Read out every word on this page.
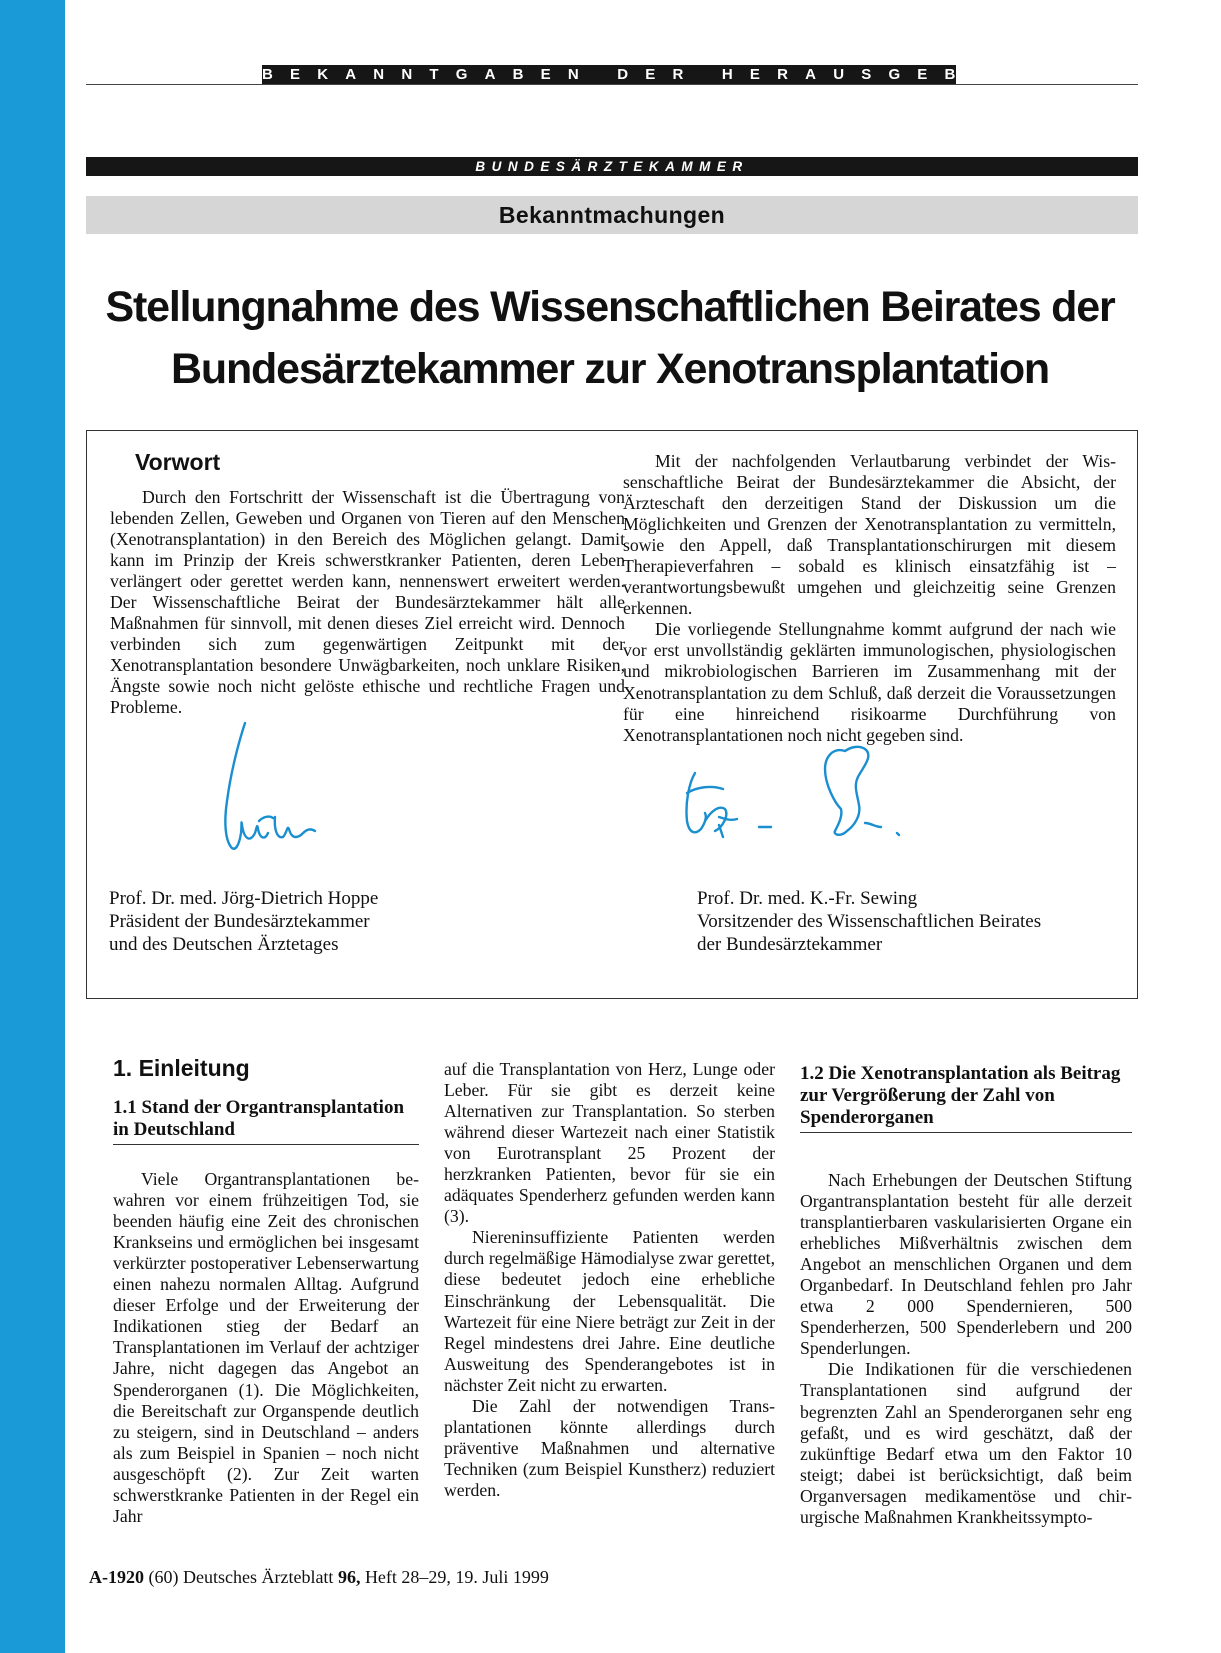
BEKANNTGABEN DER HERAUSGEBER
BUNDESÄRZTEKAMMER
Bekanntmachungen
Stellungnahme des Wissenschaftlichen Beirates der
Bundesärztekammer zur Xenotransplantation
Vorwort

Durch den Fortschritt der Wissenschaft ist die Übertragung von lebenden Zellen, Geweben und Organen von Tieren auf den Menschen (Xenotransplantation) in den Bereich des Möglichen gelangt. Damit kann im Prinzip der Kreis schwerstkranker Patienten, deren Leben verlängert oder gerettet werden kann, nennenswert erweitert werden. Der Wissenschaftliche Beirat der Bundesärztekammer hält alle Maßnahmen für sinnvoll, mit denen dieses Ziel erreicht wird. Dennoch verbinden sich zum gegenwärtigen Zeitpunkt mit der Xenotransplantation besondere Unwägbarkeiten, noch unklare Risiken, Ängste sowie noch nicht gelöste ethische und rechtliche Fragen und Probleme.

Mit der nachfolgenden Verlautbarung verbindet der Wissenschaftliche Beirat der Bundesärztekammer die Absicht, der Ärzteschaft den derzeitigen Stand der Diskussion um die Möglichkeiten und Grenzen der Xenotransplantation zu vermitteln, sowie den Appell, daß Transplantationschirurgen mit diesem Therapieverfahren – sobald es klinisch einsatzfähig ist – verantwortungsbewußt umgehen und gleichzeitig seine Grenzen erkennen.

Die vorliegende Stellungnahme kommt aufgrund der nach wie vor erst unvollständig geklärten immunologischen, physiologischen und mikrobiologischen Barrieren im Zusammenhang mit der Xenotransplantation zu dem Schluß, daß derzeit die Voraussetzungen für eine hinreichend risikoarme Durchführung von Xenotransplantationen noch nicht gegeben sind.

Prof. Dr. med. Jörg-Dietrich Hoppe
Präsident der Bundesärztekammer
und des Deutschen Ärztetages
Prof. Dr. med. K.-Fr. Sewing
Vorsitzender des Wissenschaftlichen Beirates
der Bundesärztekammer
1. Einleitung
1.1 Stand der Organtransplantation in Deutschland

Viele Organtransplantationen bewahren vor einem frühzeitigen Tod, sie beenden häufig eine Zeit des chronischen Krankseins und ermöglichen bei insgesamt verkürzter postoperativer Lebenserwartung einen nahezu normalen Alltag. Aufgrund dieser Erfolge und der Erweiterung der Indikationen stieg der Bedarf an Transplantationen im Verlauf der achtziger Jahre, nicht dagegen das Angebot an Spenderorganen (1). Die Möglichkeiten, die Bereitschaft zur Organspende deutlich zu steigern, sind in Deutschland – anders als zum Beispiel in Spanien – noch nicht ausgeschöpft (2). Zur Zeit warten schwerstkranke Patienten in der Regel ein Jahr

auf die Transplantation von Herz, Lunge oder Leber. Für sie gibt es derzeit keine Alternativen zur Transplantation. So sterben während dieser Wartezeit nach einer Statistik von Eurotransplant 25 Prozent der herzkranken Patienten, bevor für sie ein adäquates Spenderherz gefunden werden kann (3).

Niereninsuffiziente Patienten werden durch regelmäßige Hämodialyse zwar gerettet, diese bedeutet jedoch eine erhebliche Einschränkung der Lebensqualität. Die Wartezeit für eine Niere beträgt zur Zeit in der Regel mindestens drei Jahre. Eine deutliche Ausweitung des Spenderangebotes ist in nächster Zeit nicht zu erwarten.

Die Zahl der notwendigen Transplantationen könnte allerdings durch präventive Maßnahmen und alternative Techniken (zum Beispiel Kunstherz) reduziert werden.

1.2 Die Xenotransplantation als Beitrag zur Vergrößerung der Zahl von Spenderorganen

Nach Erhebungen der Deutschen Stiftung Organtransplantation besteht für alle derzeit transplantierbaren vaskularisierten Organe ein erhebliches Mißverhältnis zwischen dem Angebot an menschlichen Organen und dem Organbedarf. In Deutschland fehlen pro Jahr etwa 2 000 Spendernieren, 500 Spenderherzen, 500 Spenderlebern und 200 Spenderlungen.

Die Indikationen für die verschiedenen Transplantationen sind aufgrund der begrenzten Zahl an Spenderorganen sehr eng gefaßt, und es wird geschätzt, daß der zukünftige Bedarf etwa um den Faktor 10 steigt; dabei ist berücksichtigt, daß beim Organversagen medikamentöse und chirurgische Maßnahmen Krankheitssympto-

A-1920 (60) Deutsches Ärzteblatt 96, Heft 28–29, 19. Juli 1999
